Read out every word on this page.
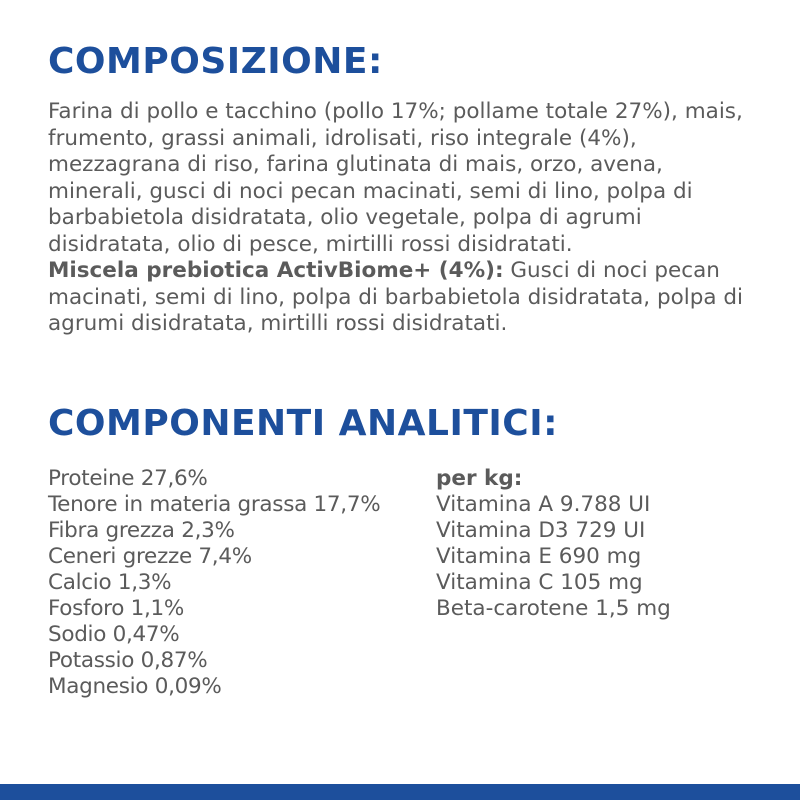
COMPOSIZIONE:

Farina di pollo e tacchino (pollo 17%; pollame totale 27%), mais, frumento, grassi animali, idrolisati, riso integrale (4%), mezzagrana di riso, farina glutinata di mais, orzo, avena, minerali, gusci di noci pecan macinati, semi di lino, polpa di barbabietola disidratata, olio vegetale, polpa di agrumi disidratata, olio di pesce, mirtilli rossi disidratati.
Miscela prebiotica ActivBiome+ (4%): Gusci di noci pecan macinati, semi di lino, polpa di barbabietola disidratata, polpa di agrumi disidratata, mirtilli rossi disidratati.

COMPONENTI ANALITICI:
Proteine 27,6%
Tenore in materia grassa 17,7%
Fibra grezza 2,3%
Ceneri grezze 7,4%
Calcio 1,3%
Fosforo 1,1%
Sodio 0,47%
Potassio 0,87%
Magnesio 0,09%
per kg:
Vitamina A 9.788 UI
Vitamina D3 729 UI
Vitamina E 690 mg
Vitamina C 105 mg
Beta-carotene 1,5 mg
